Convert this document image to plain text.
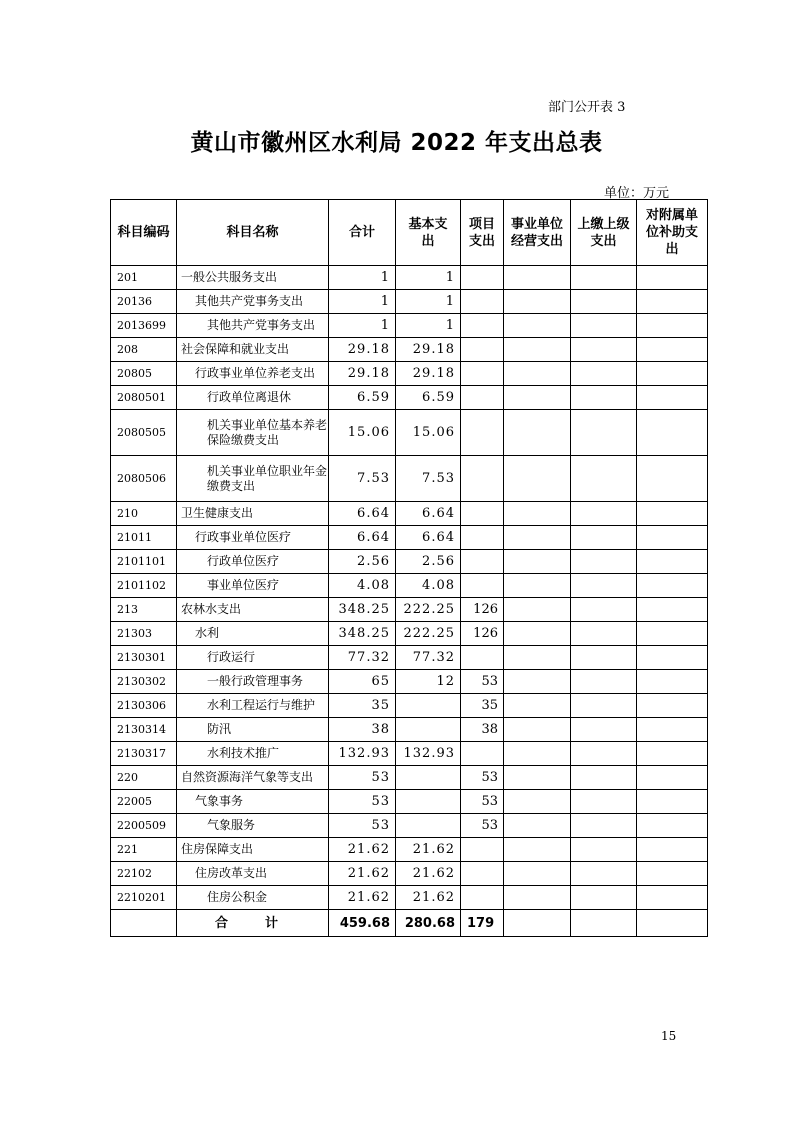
部门公开表 3
黄山市徽州区水利局 2022 年支出总表
单位：万元
科目编码	科目名称	合计	基本支出	项目支出	事业单位经营支出	上缴上级支出	对附属单位补助支出
201	一般公共服务支出	1	1				
20136	其他共产党事务支出	1	1				
2013699	其他共产党事务支出	1	1				
208	社会保障和就业支出	29.18	29.18				
20805	行政事业单位养老支出	29.18	29.18				
2080501	行政单位离退休	6.59	6.59				
2080505	机关事业单位基本养老保险缴费支出	15.06	15.06				
2080506	机关事业单位职业年金缴费支出	7.53	7.53				
210	卫生健康支出	6.64	6.64				
21011	行政事业单位医疗	6.64	6.64				
2101101	行政单位医疗	2.56	2.56				
2101102	事业单位医疗	4.08	4.08				
213	农林水支出	348.25	222.25	126			
21303	水利	348.25	222.25	126			
2130301	行政运行	77.32	77.32				
2130302	一般行政管理事务	65	12	53			
2130306	水利工程运行与维护	35		35			
2130314	防汛	38		38			
2130317	水利技术推广	132.93	132.93				
220	自然资源海洋气象等支出	53		53			
22005	气象事务	53		53			
2200509	气象服务	53		53			
221	住房保障支出	21.62	21.62				
22102	住房改革支出	21.62	21.62				
2210201	住房公积金	21.62	21.62				
	合　计	459.68	280.68	179			
15
